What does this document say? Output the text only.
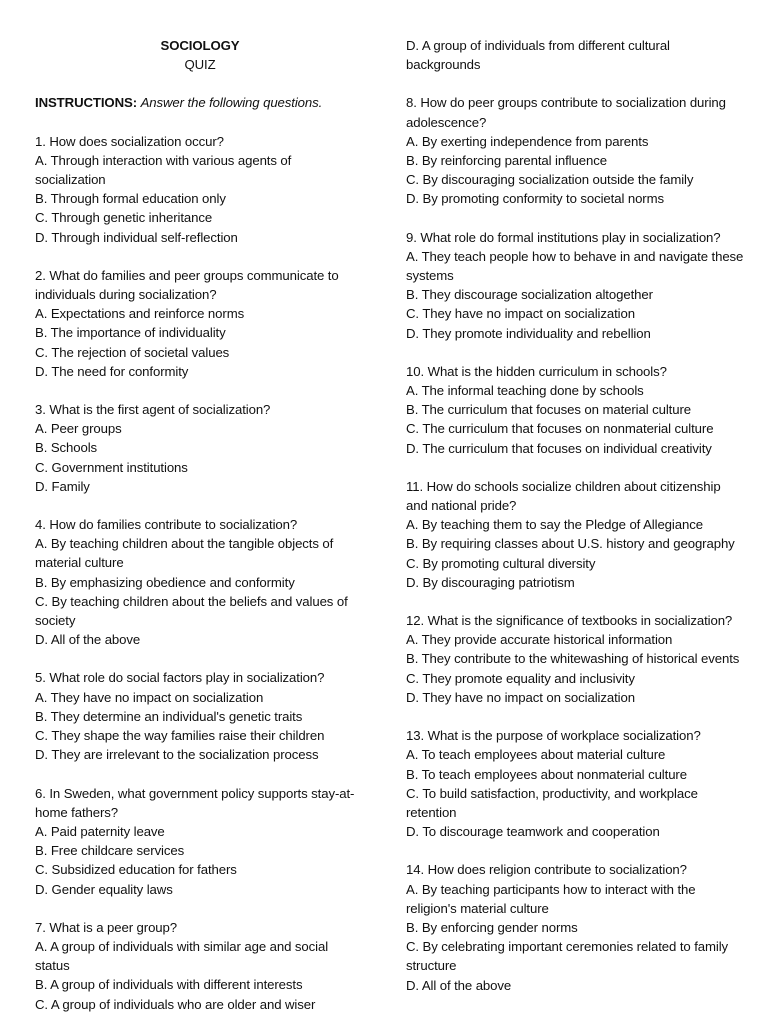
SOCIOLOGY
QUIZ
INSTRUCTIONS: Answer the following questions.
1. How does socialization occur?
A. Through interaction with various agents of socialization
B. Through formal education only
C. Through genetic inheritance
D. Through individual self-reflection
2. What do families and peer groups communicate to individuals during socialization?
A. Expectations and reinforce norms
B. The importance of individuality
C. The rejection of societal values
D. The need for conformity
3. What is the first agent of socialization?
A. Peer groups
B. Schools
C. Government institutions
D. Family
4. How do families contribute to socialization?
A. By teaching children about the tangible objects of material culture
B. By emphasizing obedience and conformity
C. By teaching children about the beliefs and values of society
D. All of the above
5. What role do social factors play in socialization?
A. They have no impact on socialization
B. They determine an individual's genetic traits
C. They shape the way families raise their children
D. They are irrelevant to the socialization process
6. In Sweden, what government policy supports stay-at-home fathers?
A. Paid paternity leave
B. Free childcare services
C. Subsidized education for fathers
D. Gender equality laws
7. What is a peer group?
A. A group of individuals with similar age and social status
B. A group of individuals with different interests
C. A group of individuals who are older and wiser
D. A group of individuals from different cultural backgrounds
8. How do peer groups contribute to socialization during adolescence?
A. By exerting independence from parents
B. By reinforcing parental influence
C. By discouraging socialization outside the family
D. By promoting conformity to societal norms
9. What role do formal institutions play in socialization?
A. They teach people how to behave in and navigate these systems
B. They discourage socialization altogether
C. They have no impact on socialization
D. They promote individuality and rebellion
10. What is the hidden curriculum in schools?
A. The informal teaching done by schools
B. The curriculum that focuses on material culture
C. The curriculum that focuses on nonmaterial culture
D. The curriculum that focuses on individual creativity
11. How do schools socialize children about citizenship and national pride?
A. By teaching them to say the Pledge of Allegiance
B. By requiring classes about U.S. history and geography
C. By promoting cultural diversity
D. By discouraging patriotism
12. What is the significance of textbooks in socialization?
A. They provide accurate historical information
B. They contribute to the whitewashing of historical events
C. They promote equality and inclusivity
D. They have no impact on socialization
13. What is the purpose of workplace socialization?
A. To teach employees about material culture
B. To teach employees about nonmaterial culture
C. To build satisfaction, productivity, and workplace retention
D. To discourage teamwork and cooperation
14. How does religion contribute to socialization?
A. By teaching participants how to interact with the religion's material culture
B. By enforcing gender norms
C. By celebrating important ceremonies related to family structure
D. All of the above
